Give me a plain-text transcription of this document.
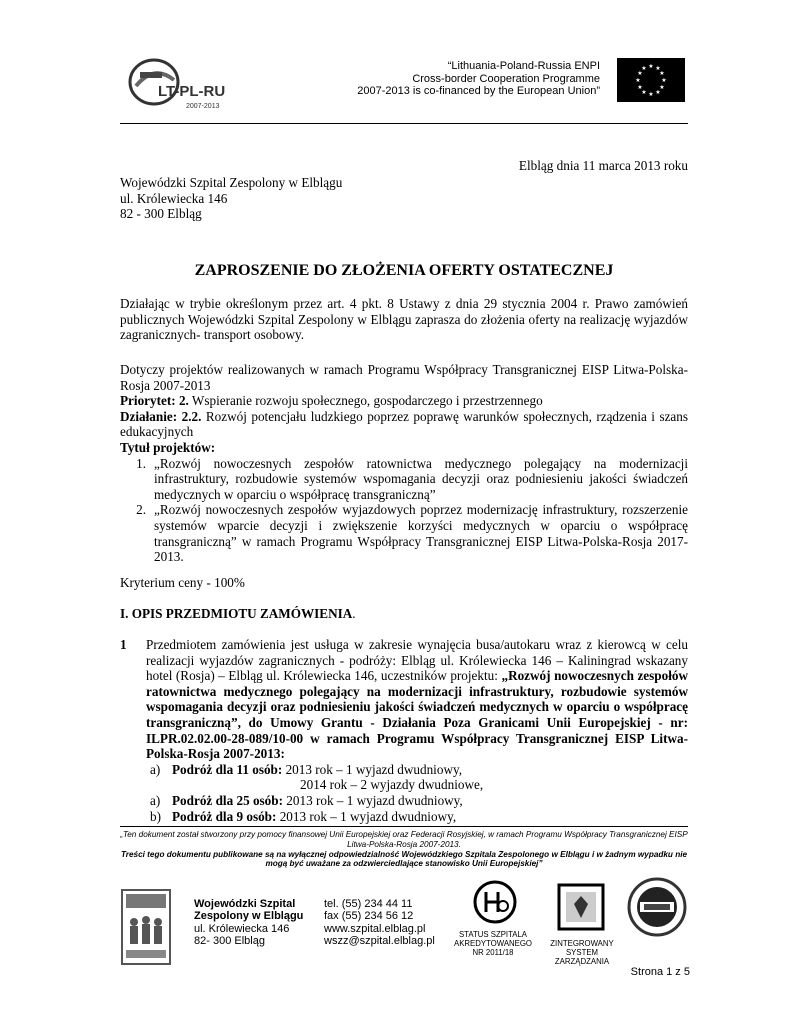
LT-PL-RU
2007-2013
“Lithuania-Poland-Russia ENPI
Cross-border Cooperation Programme
2007-2013 is co-financed by the European Union”
★ ★
★
★
★
★
★
★
★
★
★
★
Elbląg dnia 11 marca 2013 roku
Wojewódzki Szpital Zespolony w Elblągu
ul. Królewiecka 146
82 - 300 Elbląg
ZAPROSZENIE DO ZŁOŻENIA OFERTY OSTATECZNEJ
Działając w trybie określonym przez art. 4 pkt. 8 Ustawy z dnia 29 stycznia 2004 r. Prawo zamówień publicznych Wojewódzki Szpital Zespolony w Elblągu zaprasza do złożenia oferty na realizację wyjazdów zagranicznych- transport osobowy.
Dotyczy projektów realizowanych w ramach Programu Współpracy Transgranicznej EISP Litwa-Polska-Rosja 2007-2013
Priorytet: 2. Wspieranie rozwoju społecznego, gospodarczego i przestrzennego
Działanie: 2.2. Rozwój potencjału ludzkiego poprzez poprawę warunków społecznych, rządzenia i szans edukacyjnych
Tytuł projektów:
1. „Rozwój nowoczesnych zespołów ratownictwa medycznego polegający na modernizacji infrastruktury, rozbudowie systemów wspomagania decyzji oraz podniesieniu jakości świadczeń medycznych w oparciu o współpracę transgraniczną”
2. „Rozwój nowoczesnych zespołów wyjazdowych poprzez modernizację infrastruktury, rozszerzenie systemów wparcie decyzji i zwiększenie korzyści medycznych w oparciu o współpracę transgraniczną” w ramach Programu Współpracy Transgranicznej EISP Litwa-Polska-Rosja 2017-2013.
Kryterium ceny - 100%
I. OPIS PRZEDMIOTU ZAMÓWIENIA.
1	Przedmiotem zamówienia jest usługa w zakresie wynajęcia busa/autokaru wraz z kierowcą w celu realizacji wyjazdów zagranicznych - podróży: Elbląg ul. Królewiecka 146 – Kaliningrad wskazany hotel (Rosja) – Elbląg ul. Królewiecka 146, uczestników projektu: „Rozwój nowoczesnych zespołów ratownictwa medycznego polegający na modernizacji infrastruktury, rozbudowie systemów wspomagania decyzji oraz podniesieniu jakości świadczeń medycznych w oparciu o współpracę transgraniczną”, do Umowy Grantu - Działania Poza Granicami Unii Europejskiej - nr: ILPR.02.02.00-28-089/10-00 w ramach Programu Współpracy Transgranicznej EISP Litwa-Polska-Rosja 2007-2013:
a) Podróż dla 11 osób: 2013 rok – 1 wyjazd dwudniowy,
2014 rok – 2 wyjazdy dwudniowe,
a) Podróż dla 25 osób: 2013 rok – 1 wyjazd dwudniowy,
b) Podróż dla 9 osób: 2013 rok – 1 wyjazd dwudniowy,
„Ten dokument został stworzony przy pomocy finansowej Unii Europejskiej oraz Federacji Rosyjskiej, w ramach Programu Współpracy Transgranicznej EISP Litwa-Polska-Rosja 2007-2013.
Treści tego dokumentu publikowane są na wyłącznej odpowiedzialność Wojewódzkiego Szpitala Zespolonego w Elblągu i w żadnym wypadku nie mogą być uważane za odzwierciedlające stanowisko Unii Europejskiej”
Wojewódzki Szpital
Zespolony w Elblągu
ul. Królewiecka 146
82- 300 Elbląg
tel. (55) 234 44 11
fax (55) 234 56 12
www.szpital.elblag.pl
wszz@szpital.elblag.pl
STATUS SZPITALA
AKREDYTOWANEGO
NR 2011/18
ZINTEGROWANY
SYSTEM
ZARZĄDZANIA
Strona 1 z 5
